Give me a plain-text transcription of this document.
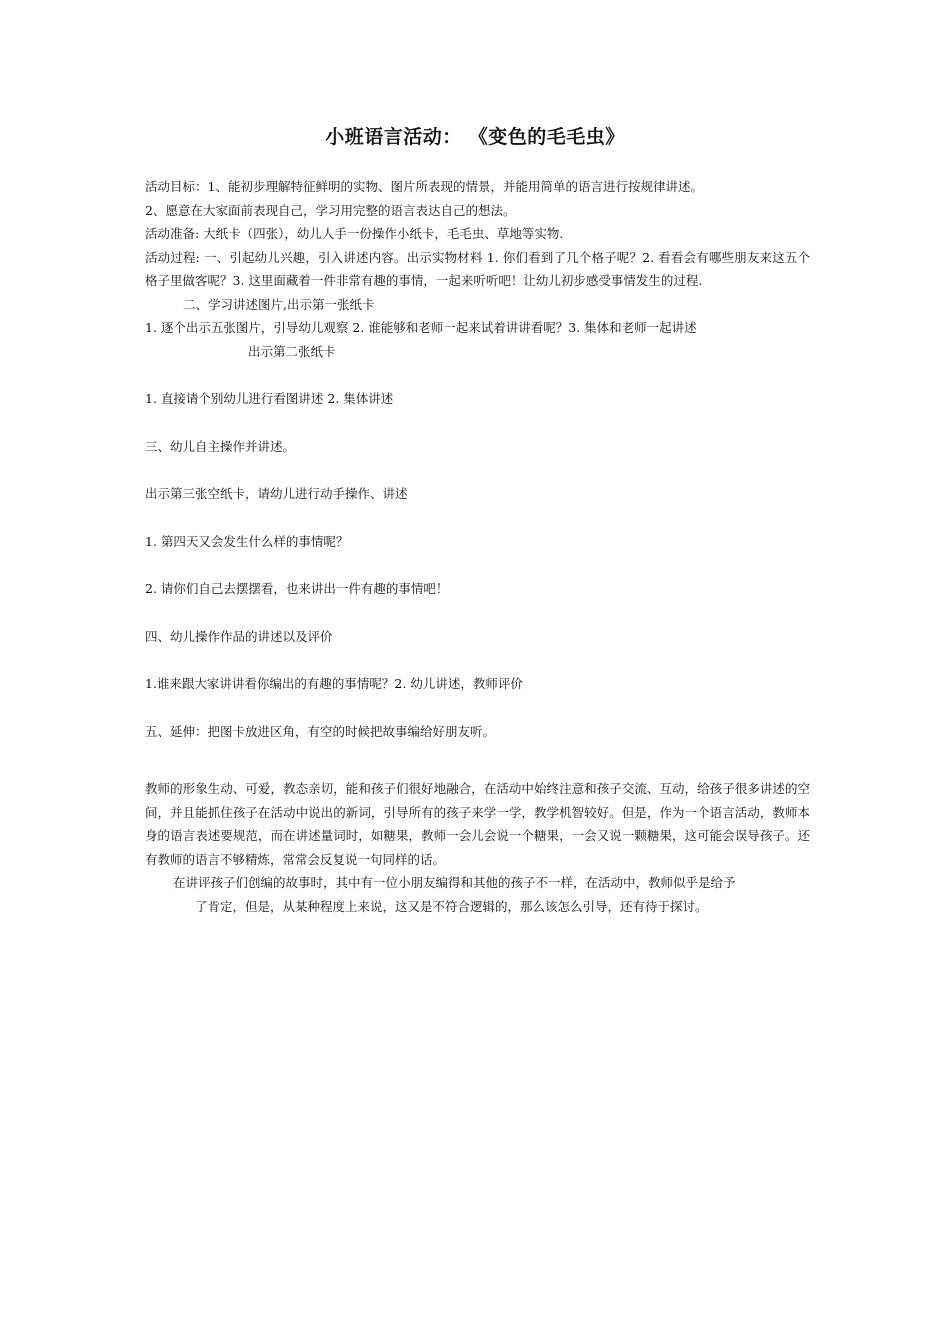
小班语言活动： 《变色的毛毛虫》

活动目标：1、能初步理解特征鲜明的实物、图片所表现的情景，并能用简单的语言进行按规律讲述。

2、愿意在大家面前表现自己，学习用完整的语言表达自己的想法。

活动准备: 大纸卡（四张），幼儿人手一份操作小纸卡，毛毛虫、草地等实物.

活动过程: 一、引起幼儿兴趣，引入讲述内容。出示实物材料 1. 你们看到了几个格子呢？2. 看看会有哪些朋友来这五个格子里做客呢？3. 这里面藏着一件非常有趣的事情，一起来听听吧！让幼儿初步感受事情发生的过程.

二、学习讲述图片,出示第一张纸卡

1. 逐个出示五张图片，引导幼儿观察 2. 谁能够和老师一起来试着讲讲看呢？3. 集体和老师一起讲述

出示第二张纸卡

1. 直接请个别幼儿进行看图讲述 2. 集体讲述

三、幼儿自主操作并讲述。

出示第三张空纸卡，请幼儿进行动手操作、讲述

1. 第四天又会发生什么样的事情呢？

2. 请你们自己去摆摆看，也来讲出一件有趣的事情吧！

四、幼儿操作作品的讲述以及评价

1.谁来跟大家讲讲看你编出的有趣的事情呢？2. 幼儿讲述，教师评价

五、延伸：把图卡放进区角，有空的时候把故事编给好朋友听。

教师的形象生动、可爱，教态亲切，能和孩子们很好地融合，在活动中始终注意和孩子交流、互动，给孩子很多讲述的空间，并且能抓住孩子在活动中说出的新词，引导所有的孩子来学一学，教学机智较好。但是，作为一个语言活动，教师本身的语言表述要规范，而在讲述量词时，如糖果，教师一会儿会说一个糖果，一会又说一颗糖果，这可能会误导孩子。还有教师的语言不够精炼，常常会反复说一句同样的话。

在讲评孩子们创编的故事时，其中有一位小朋友编得和其他的孩子不一样，在活动中，教师似乎是给予

了肯定，但是，从某种程度上来说，这又是不符合逻辑的，那么该怎么引导，还有待于探讨。
